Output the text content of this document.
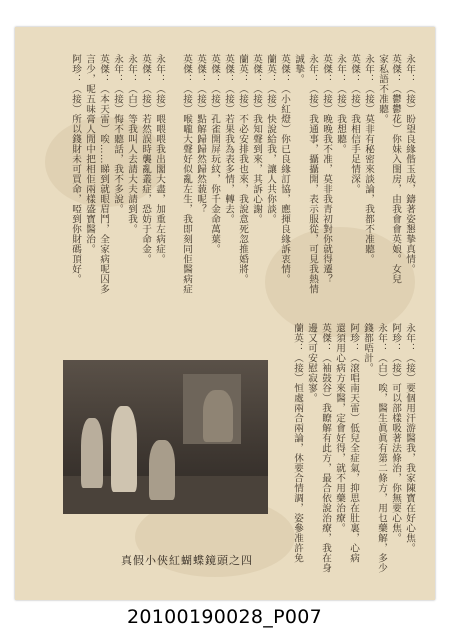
永年：（接）盼望良緣偕玉成，鑄著姿懇摯真情。
英傑：（鬱鬱花）你妹入閨房，由我會會英娘。女兒
家私語不准聽。
永年：（接）莫非有秘密來談論，我都不准聽。
英傑：（接）我相信手足情深。
永年：（接）我想聽。
英傑：（接）晚晚我不准，莫非我青初對你就得遷？
永年：（接）我通事，攝攝開，表示服從，可見我熱情
誠摯。
英傑：（小紅燈）你已良緣訂協，應揮良緣訴衷情。
蘭英：（接）快說給我，讓人共你談。
英傑：（接）我知聲到來，其訴心謝。
蘭英：（接）不必安排我也來，我說意死忽推婚將。
英傑：（接）若果我為表多情，轉去。
英傑：（接）孔雀開屏玩紋，你千金命萬葉。
英傑：（接）點解歸歸然歸然藐呢？
英傑：（接）喉嚨大聲好似亂左生，我即刻同佢醫病症
永年：（接）喂喂喂我出閣大盡，加重左病症。
英傑：（接）若然誤時襲亂叢症，恐妨于命金。
永年：（白）等我叫人去請大夫請到我。
永年：（接）悔不聽話，我不多說。
英傑：（本天雷）唉……睇到就眼眉鬥，全家病呢囚多
言少，呢五味膏人閒中把相佢兩樣盛寶醫治。
阿珍：（接）所以錢財未可買命，啞到你財碼頂好。
永年：（接）要個用汗游醫我，我家陳寶在好心焦。
阿珍：（接）可以部樣吸著法條治，你無要心焦。
永年：（白）唉，醫生眞眞有第二條方，用乜藥解，多少
錢都唔計。
阿珍：（滾唱南天雷）低兒全症氣，抑思在肚裏，心病
還須用心病方來醫，定會好得，就不用藥治療。
英傑：（袖鼓谷）我瞭解有此方，最合依說治療，我在身
邊又可安慰寂寥。
蘭英：（接）恒處兩合兩論，休要合情調，姿參准許免
真假小俠紅蝴蝶鏡頭之四
20100190028_P007
